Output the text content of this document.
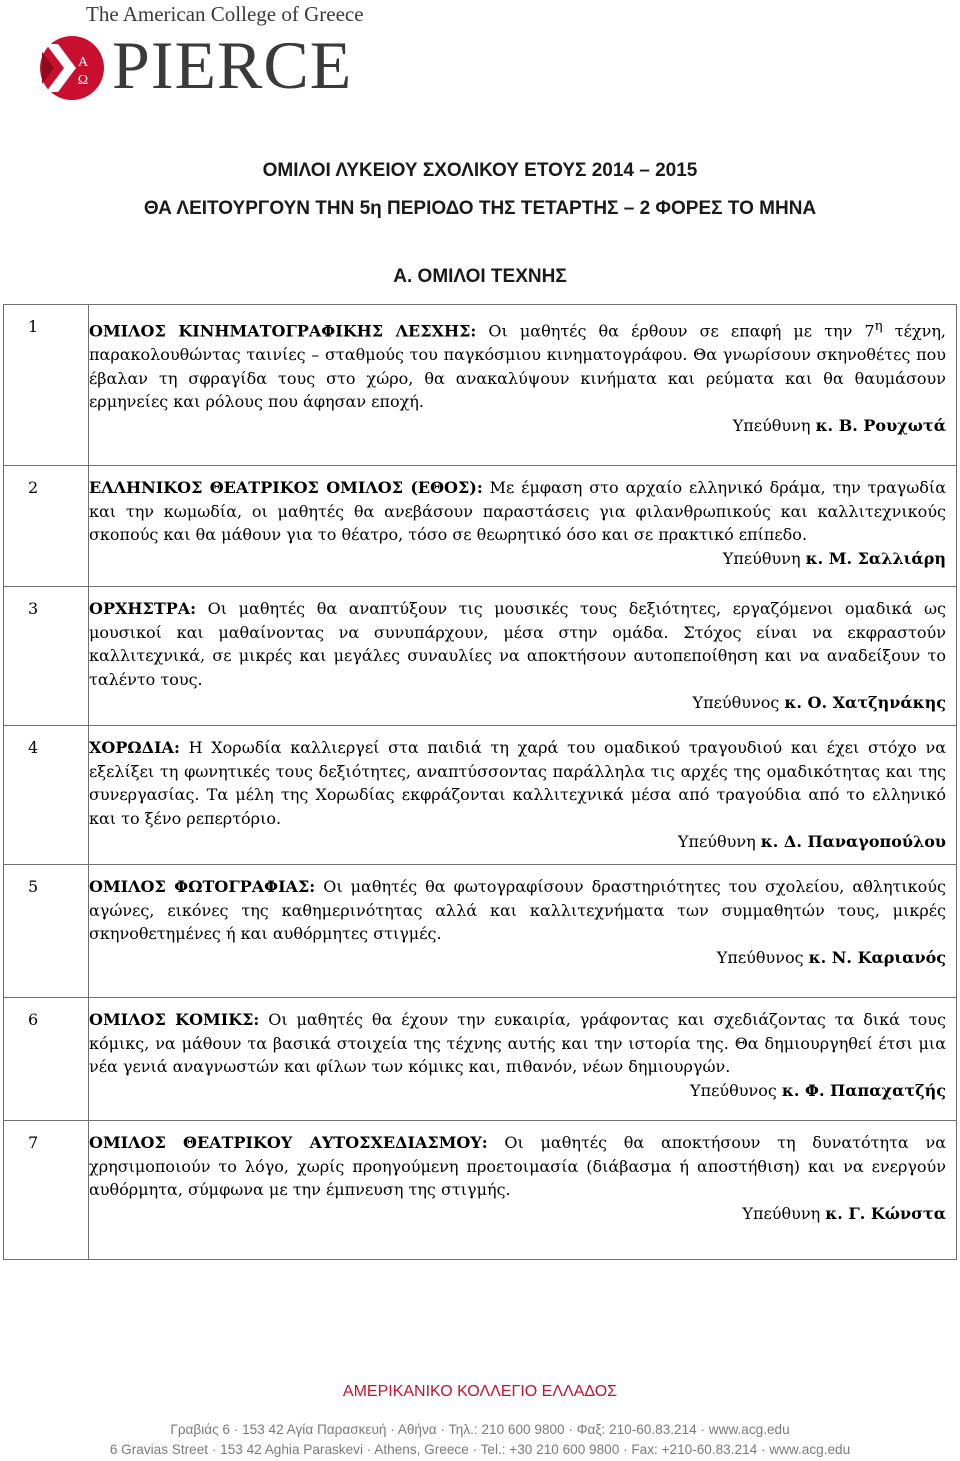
The American College of Greece

A
Ω PIERCE
ΟΜΙΛΟΙ ΛΥΚΕΙΟΥ ΣΧΟΛΙΚΟΥ ΕΤΟΥΣ 2014 – 2015
ΘΑ ΛΕΙΤΟΥΡΓΟΥΝ ΤΗΝ 5η ΠΕΡΙΟΔΟ ΤΗΣ ΤΕΤΑΡΤΗΣ – 2 ΦΟΡΕΣ ΤΟ ΜΗΝΑ
Α. ΟΜΙΛΟΙ ΤΕΧΝΗΣ
1	ΟΜΙΛΟΣ ΚΙΝΗΜΑΤΟΓΡΑΦΙΚΗΣ ΛΕΣΧΗΣ: Οι μαθητές θα έρθουν σε επαφή με την $7^\eta$ τέχνη, παρακολουθώντας ταινίες – σταθμούς του παγκόσμιου κινηματογράφου. Θα γνωρίσουν σκηνοθέτες που έβαλαν τη σφραγίδα τους στο χώρο, θα ανακαλύψουν κινήματα και ρεύματα και θα θαυμάσουν ερμηνείες και ρόλους που άφησαν εποχή.
Υπεύθυνη κ. Β. Ρουχωτά

2	ΕΛΛΗΝΙΚΟΣ ΘΕΑΤΡΙΚΟΣ ΟΜΙΛΟΣ (ΕΘΟΣ): Με έμφαση στο αρχαίο ελληνικό δράμα, την τραγωδία και την κωμωδία, οι μαθητές θα ανεβάσουν παραστάσεις για φιλανθρωπικούς και καλλιτεχνικούς σκοπούς και θα μάθουν για το θέατρο, τόσο σε θεωρητικό όσο και σε πρακτικό επίπεδο.
Υπεύθυνη κ. Μ. Σαλλιάρη

3	ΟΡΧΗΣΤΡΑ: Οι μαθητές θα αναπτύξουν τις μουσικές τους δεξιότητες, εργαζόμενοι ομαδικά ως μουσικοί και μαθαίνοντας να συνυπάρχουν, μέσα στην ομάδα. Στόχος είναι να εκφραστούν καλλιτεχνικά, σε μικρές και μεγάλες συναυλίες να αποκτήσουν αυτοπεποίθηση και να αναδείξουν το ταλέντο τους.
Υπεύθυνος κ. Ο. Χατζηνάκης

4	ΧΟΡΩΔΙΑ: Η Χορωδία καλλιεργεί στα παιδιά τη χαρά του ομαδικού τραγουδιού και έχει στόχο να εξελίξει τη φωνητικές τους δεξιότητες, αναπτύσσοντας παράλληλα τις αρχές της ομαδικότητας και της συνεργασίας. Τα μέλη της Χορωδίας εκφράζονται καλλιτεχνικά μέσα από τραγούδια από το ελληνικό και το ξένο ρεπερτόριο.
Υπεύθυνη κ. Δ. Παναγοπούλου

5	ΟΜΙΛΟΣ ΦΩΤΟΓΡΑΦΙΑΣ: Οι μαθητές θα φωτογραφίσουν δραστηριότητες του σχολείου, αθλητικούς αγώνες, εικόνες της καθημερινότητας αλλά και καλλιτεχνήματα των συμμαθητών τους, μικρές σκηνοθετημένες ή και αυθόρμητες στιγμές.
Υπεύθυνος κ. Ν. Καριανός

6	ΟΜΙΛΟΣ ΚΟΜΙΚΣ: Οι μαθητές θα έχουν την ευκαιρία, γράφοντας και σχεδιάζοντας τα δικά τους κόμικς, να μάθουν τα βασικά στοιχεία της τέχνης αυτής και την ιστορία της. Θα δημιουργηθεί έτσι μια νέα γενιά αναγνωστών και φίλων των κόμικς και, πιθανόν, νέων δημιουργών.
Υπεύθυνος κ. Φ. Παπαχατζής

7	ΟΜΙΛΟΣ ΘΕΑΤΡΙΚΟΥ ΑΥΤΟΣΧΕΔΙΑΣΜΟΥ: Οι μαθητές θα αποκτήσουν τη δυνατότητα να χρησιμοποιούν το λόγο, χωρίς προηγούμενη προετοιμασία (διάβασμα ή αποστήθιση) και να ενεργούν αυθόρμητα, σύμφωνα με την έμπνευση της στιγμής.
Υπεύθυνη κ. Γ. Κώνστα

ΑΜΕΡΙΚΑΝΙΚΟ ΚΟΛΛΕΓΙΟ ΕΛΛΑΔΟΣ

Γραβιάς 6 · 153 42 Αγία Παρασκευή · Αθήνα · Τηλ.: 210 600 9800 · Φαξ: 210-60.83.214 · www.acg.edu

6 Gravias Street · 153 42 Aghia Paraskevi · Athens, Greece · Tel.: +30 210 600 9800 · Fax: +210-60.83.214 · www.acg.edu
